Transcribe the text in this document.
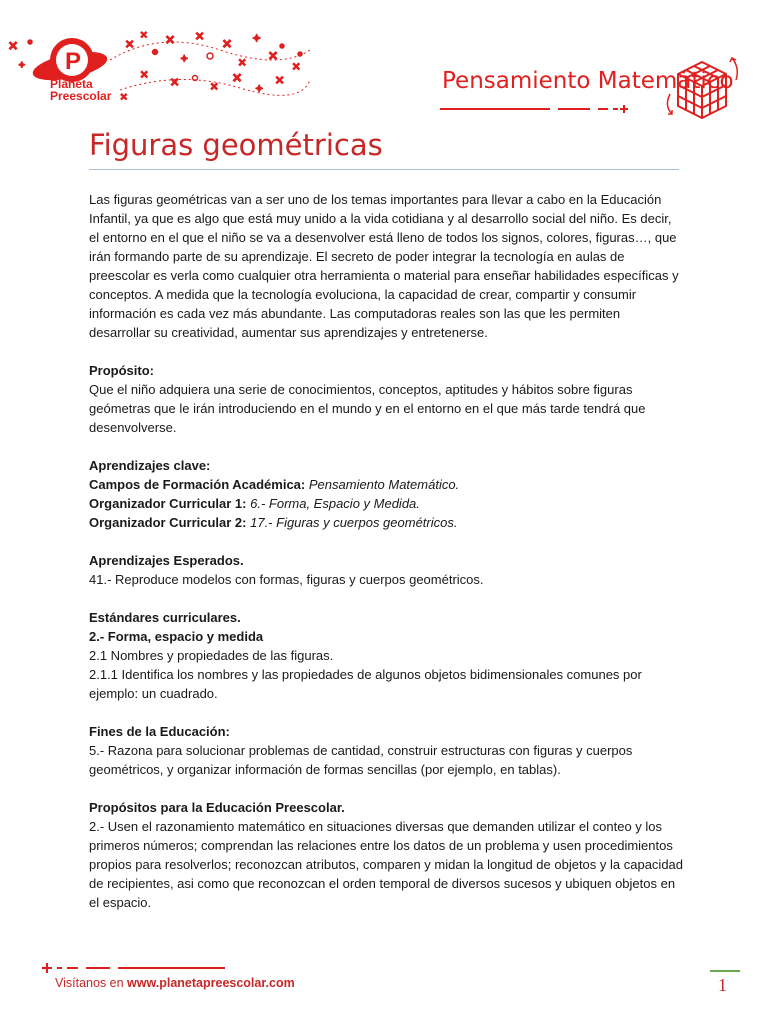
✕
✦
✕
✕ ✕
✦
✕ ✕
✕
✦
✕
✕
✕
✕	✕
✕
✦
✕
✕
P
Planeta
Preescolar
Pensamiento Matemático
Figuras geométricas

Las figuras geométricas van a ser uno de los temas importantes para llevar a cabo en la Educación Infantil, ya que es algo que está muy unido a la vida cotidiana y al desarrollo social del niño. Es decir, el entorno en el que el niño se va a desenvolver está lleno de todos los signos, colores, figuras…, que irán formando parte de su aprendizaje. El secreto de poder integrar la tecnología en aulas de preescolar es verla como cualquier otra herramienta o material para enseñar habilidades específicas y conceptos. A medida que la tecnología evoluciona, la capacidad de crear, compartir y consumir información es cada vez más abundante. Las computadoras reales son las que les permiten desarrollar su creatividad, aumentar sus aprendizajes y entretenerse.

Propósito:
Que el niño adquiera una serie de conocimientos, conceptos, aptitudes y hábitos sobre figuras geómetras que le irán introduciendo en el mundo y en el entorno en el que más tarde tendrá que desenvolverse.

Aprendizajes clave:
Campos de Formación Académica: Pensamiento Matemático.
Organizador Curricular 1: 6.- Forma, Espacio y Medida.
Organizador Curricular 2: 17.- Figuras y cuerpos geométricos.

Aprendizajes Esperados.
41.- Reproduce modelos con formas, figuras y cuerpos geométricos.

Estándares curriculares.
2.- Forma, espacio y medida
2.1 Nombres y propiedades de las figuras.
2.1.1 Identifica los nombres y las propiedades de algunos objetos bidimensionales comunes por ejemplo: un cuadrado.

Fines de la Educación:
5.- Razona para solucionar problemas de cantidad, construir estructuras con figuras y cuerpos geométricos, y organizar información de formas sencillas (por ejemplo, en tablas).

Propósitos para la Educación Preescolar.
2.- Usen el razonamiento matemático en situaciones diversas que demanden utilizar el conteo y los primeros números; comprendan las relaciones entre los datos de un problema y usen procedimientos propios para resolverlos; reconozcan atributos, comparen y midan la longitud de objetos y la capacidad de recipientes, asi como que reconozcan el orden temporal de diversos sucesos y ubiquen objetos en el espacio.

Visítanos en www.planetapreescolar.com	1
